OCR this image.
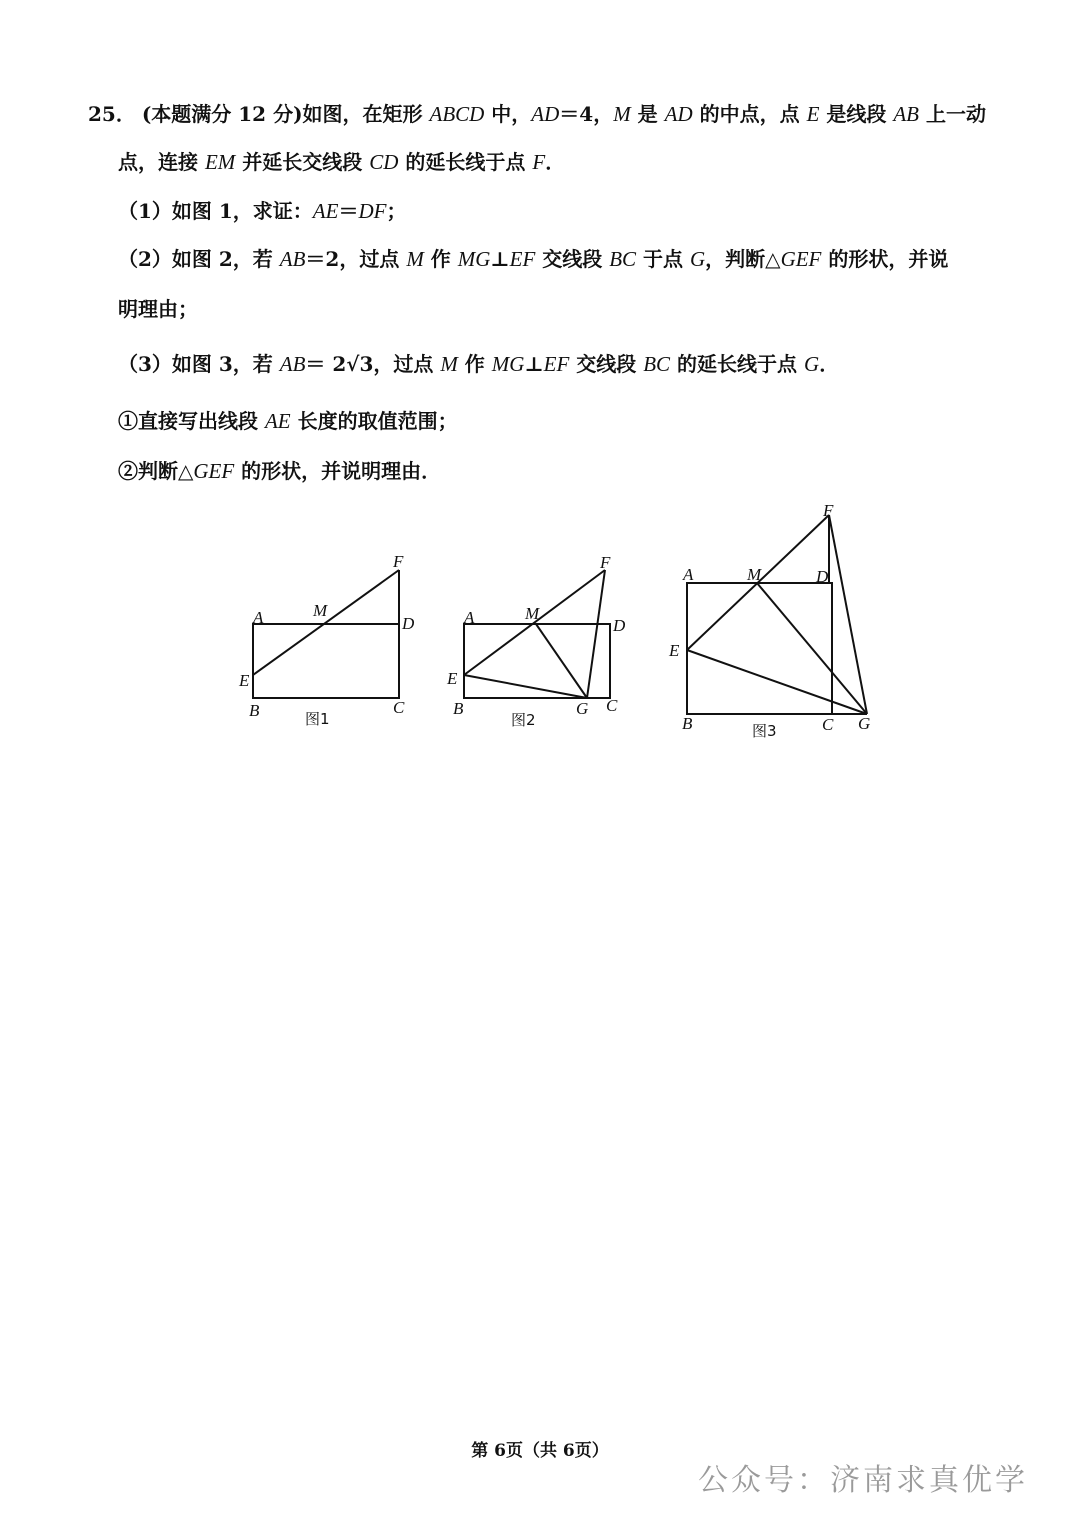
25． (本题满分 12 分)如图，在矩形 ABCD 中，AD＝4，M 是 AD 的中点，点 E 是线段 AB 上一动
点，连接 EM 并延长交线段 CD 的延长线于点 F．
（1）如图 1，求证：AE＝DF；
（2）如图 2，若 AB＝2，过点 M 作 MG⊥EF 交线段 BC 于点 G，判断△GEF 的形状，并说
明理由；
（3）如图 3，若 AB＝ 2√3，过点 M 作 MG⊥EF 交线段 BC 的延长线于点 G．
①直接写出线段 AE 长度的取值范围；
②判断△GEF 的形状，并说明理由．
A	M
D
F
E
B	C
图1
A	M
D
F
E
B	G C
图2
A	M	D
F
E
B	C G
图3
第 6页（共 6页）
公众号：济南求真优学
